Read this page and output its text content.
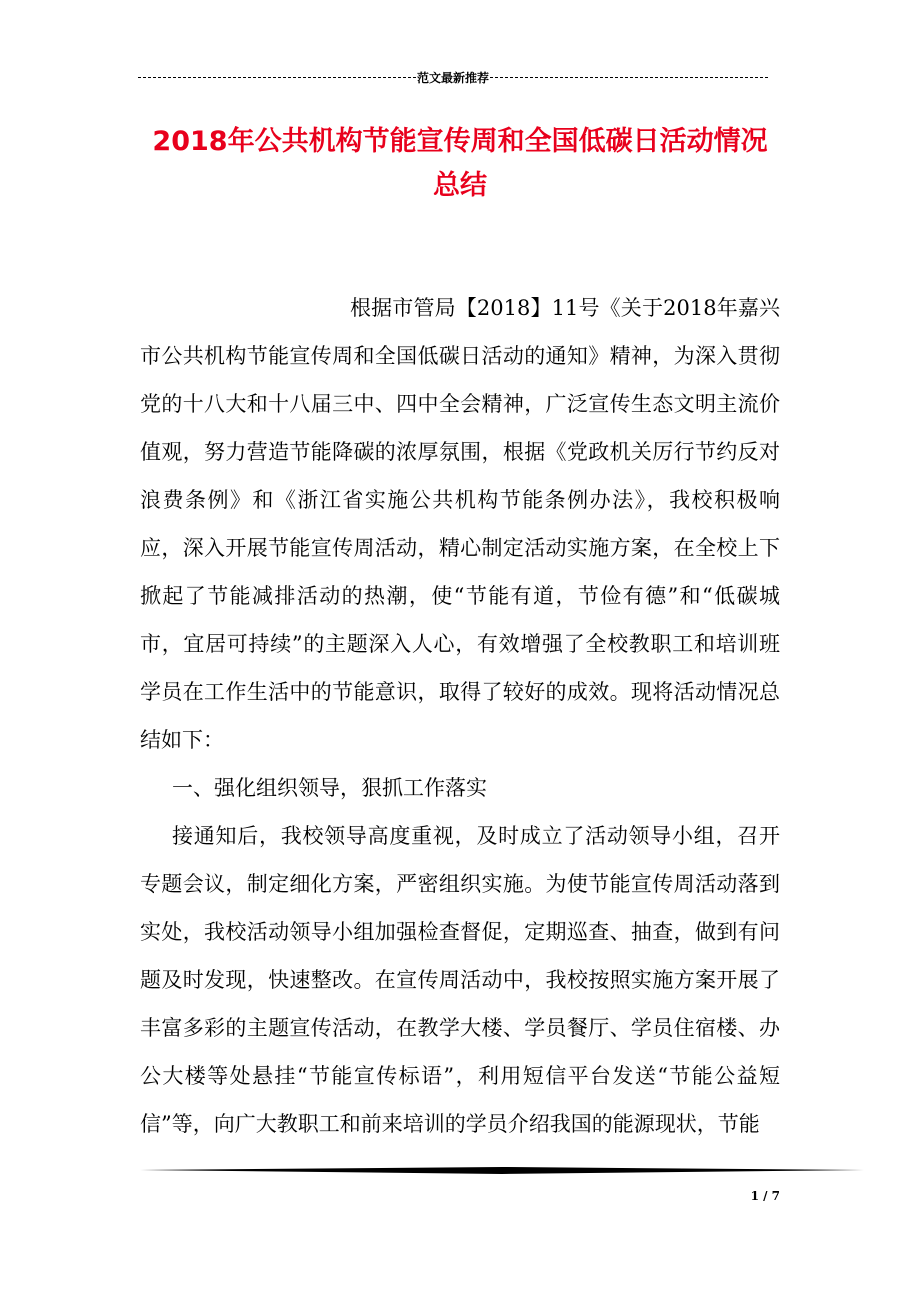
范文最新推荐
2018年公共机构节能宣传周和全国低碳日活动情况总结

根据市管局【2018】11号《关于2018年嘉兴市公共机构节能宣传周和全国低碳日活动的通知》精神，为深入贯彻党的十八大和十八届三中、四中全会精神，广泛宣传生态文明主流价值观，努力营造节能降碳的浓厚氛围，根据《党政机关厉行节约反对浪费条例》和《浙江省实施公共机构节能条例办法》，我校积极响应，深入开展节能宣传周活动，精心制定活动实施方案，在全校上下掀起了节能减排活动的热潮，使“节能有道，节俭有德”和“低碳城市，宜居可持续”的主题深入人心，有效增强了全校教职工和培训班学员在工作生活中的节能意识，取得了较好的成效。现将活动情况总结如下：

一、强化组织领导，狠抓工作落实

接通知后，我校领导高度重视，及时成立了活动领导小组，召开专题会议，制定细化方案，严密组织实施。为使节能宣传周活动落到实处，我校活动领导小组加强检查督促，定期巡查、抽查，做到有问题及时发现，快速整改。在宣传周活动中，我校按照实施方案开展了丰富多彩的主题宣传活动，在教学大楼、学员餐厅、学员住宿楼、办公大楼等处悬挂“节能宣传标语”，利用短信平台发送“节能公益短信”等，向广大教职工和前来培训的学员介绍我国的能源现状，节能

1 / 7
